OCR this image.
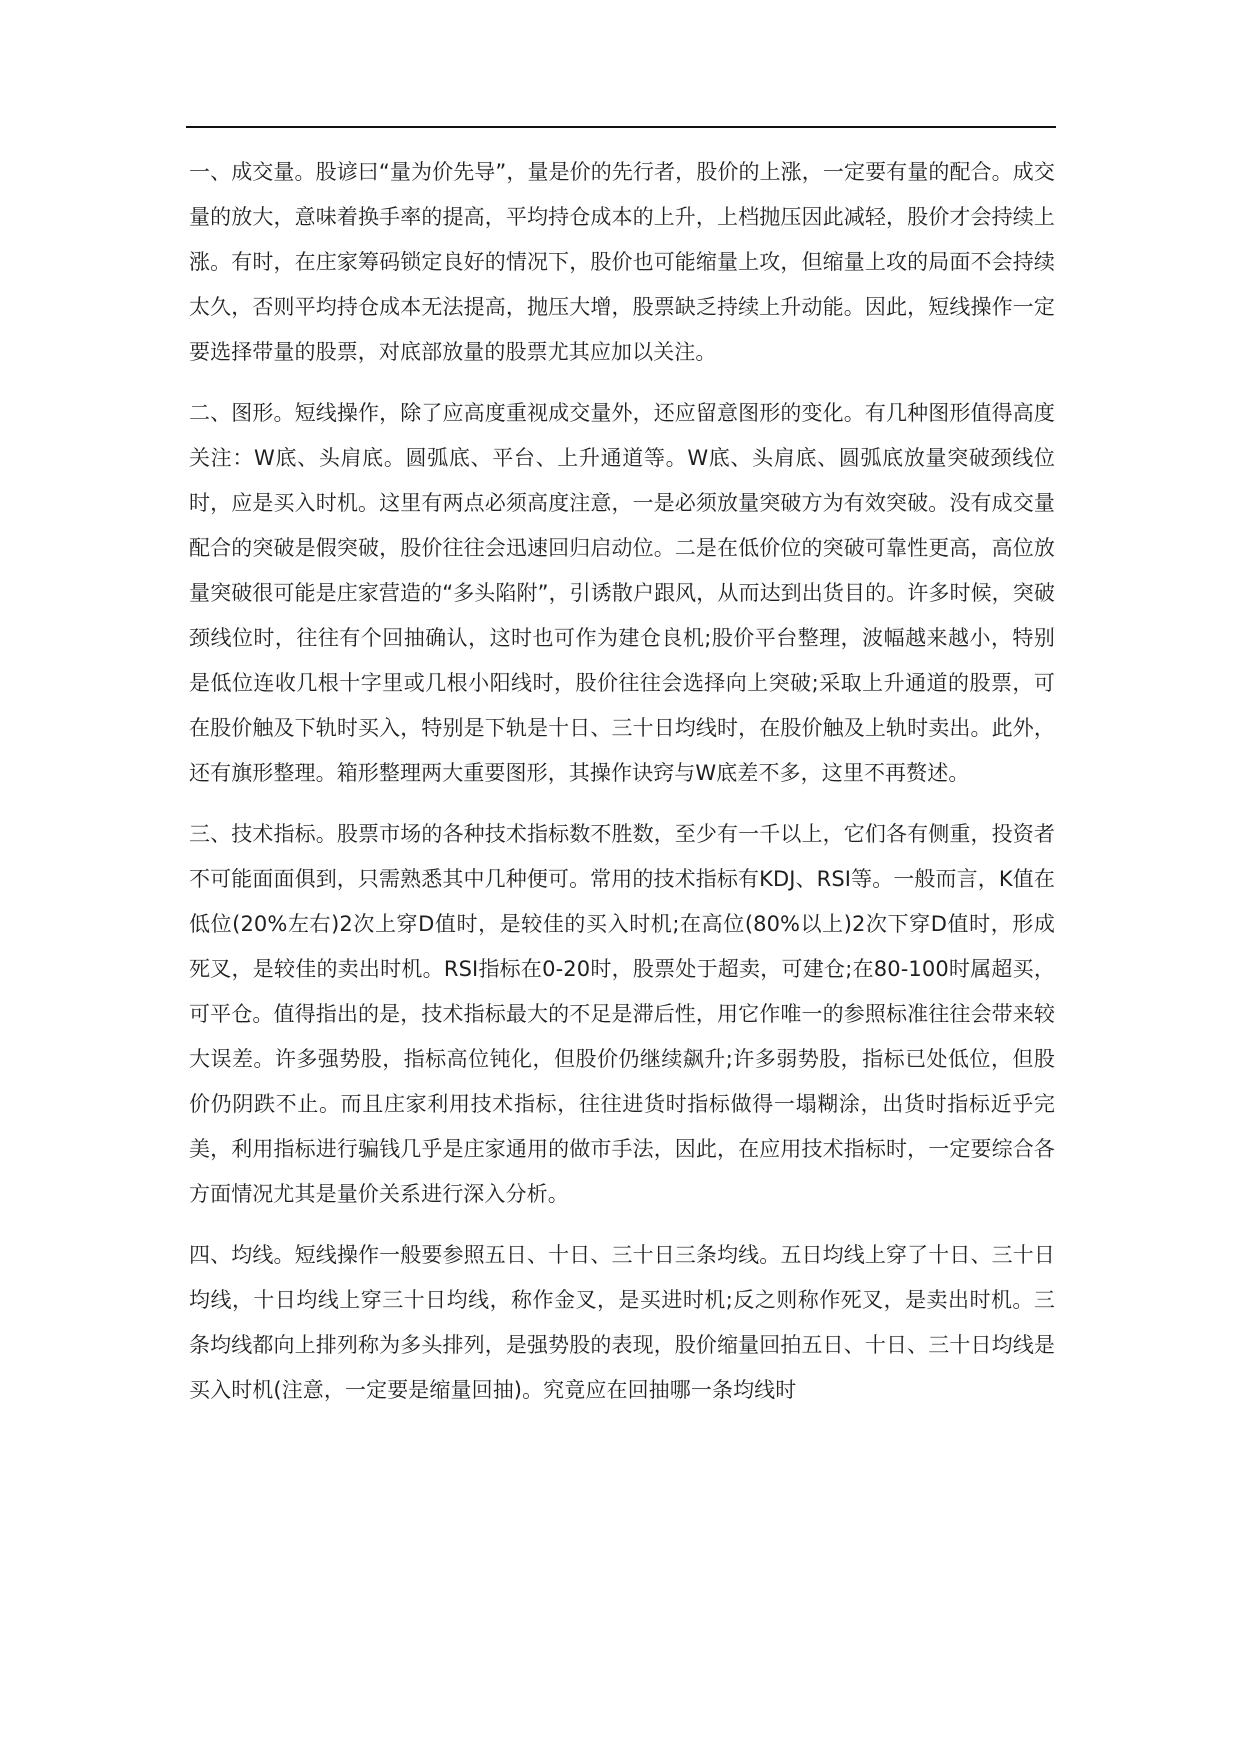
一、成交量。股谚曰“量为价先导”，量是价的先行者，股价的上涨，一定要有量的配合。成交量的放大，意味着换手率的提高，平均持仓成本的上升，上档抛压因此减轻，股价才会持续上涨。有时，在庄家筹码锁定良好的情况下，股价也可能缩量上攻，但缩量上攻的局面不会持续太久，否则平均持仓成本无法提高，抛压大增，股票缺乏持续上升动能。因此，短线操作一定要选择带量的股票，对底部放量的股票尤其应加以关注。

二、图形。短线操作，除了应高度重视成交量外，还应留意图形的变化。有几种图形值得高度关注：W底、头肩底。圆弧底、平台、上升通道等。W底、头肩底、圆弧底放量突破颈线位时，应是买入时机。这里有两点必须高度注意，一是必须放量突破方为有效突破。没有成交量配合的突破是假突破，股价往往会迅速回归启动位。二是在低价位的突破可靠性更高，高位放量突破很可能是庄家营造的“多头陷附”，引诱散户跟风，从而达到出货目的。许多时候，突破颈线位时，往往有个回抽确认，这时也可作为建仓良机;股价平台整理，波幅越来越小，特别是低位连收几根十字里或几根小阳线时，股价往往会选择向上突破;采取上升通道的股票，可在股价触及下轨时买入，特别是下轨是十日、三十日均线时，在股价触及上轨时卖出。此外，还有旗形整理。箱形整理两大重要图形，其操作诀窍与W底差不多，这里不再赘述。

三、技术指标。股票市场的各种技术指标数不胜数，至少有一千以上，它们各有侧重，投资者不可能面面俱到，只需熟悉其中几种便可。常用的技术指标有KDJ、RSI等。一般而言，K值在低位(20%左右)2次上穿D值时，是较佳的买入时机;在高位(80%以上)2次下穿D值时，形成死叉，是较佳的卖出时机。RSI指标在0-20时，股票处于超卖，可建仓;在80-100时属超买，可平仓。值得指出的是，技术指标最大的不足是滞后性，用它作唯一的参照标准往往会带来较大误差。许多强势股，指标高位钝化，但股价仍继续飙升;许多弱势股，指标已处低位，但股价仍阴跌不止。而且庄家利用技术指标，往往进货时指标做得一塌糊涂，出货时指标近乎完美，利用指标进行骗钱几乎是庄家通用的做市手法，因此，在应用技术指标时，一定要综合各方面情况尤其是量价关系进行深入分析。

四、均线。短线操作一般要参照五日、十日、三十日三条均线。五日均线上穿了十日、三十日均线，十日均线上穿三十日均线，称作金叉，是买进时机;反之则称作死叉，是卖出时机。三条均线都向上排列称为多头排列，是强势股的表现，股价缩量回拍五日、十日、三十日均线是买入时机(注意，一定要是缩量回抽)。究竟应在回抽哪一条均线时
